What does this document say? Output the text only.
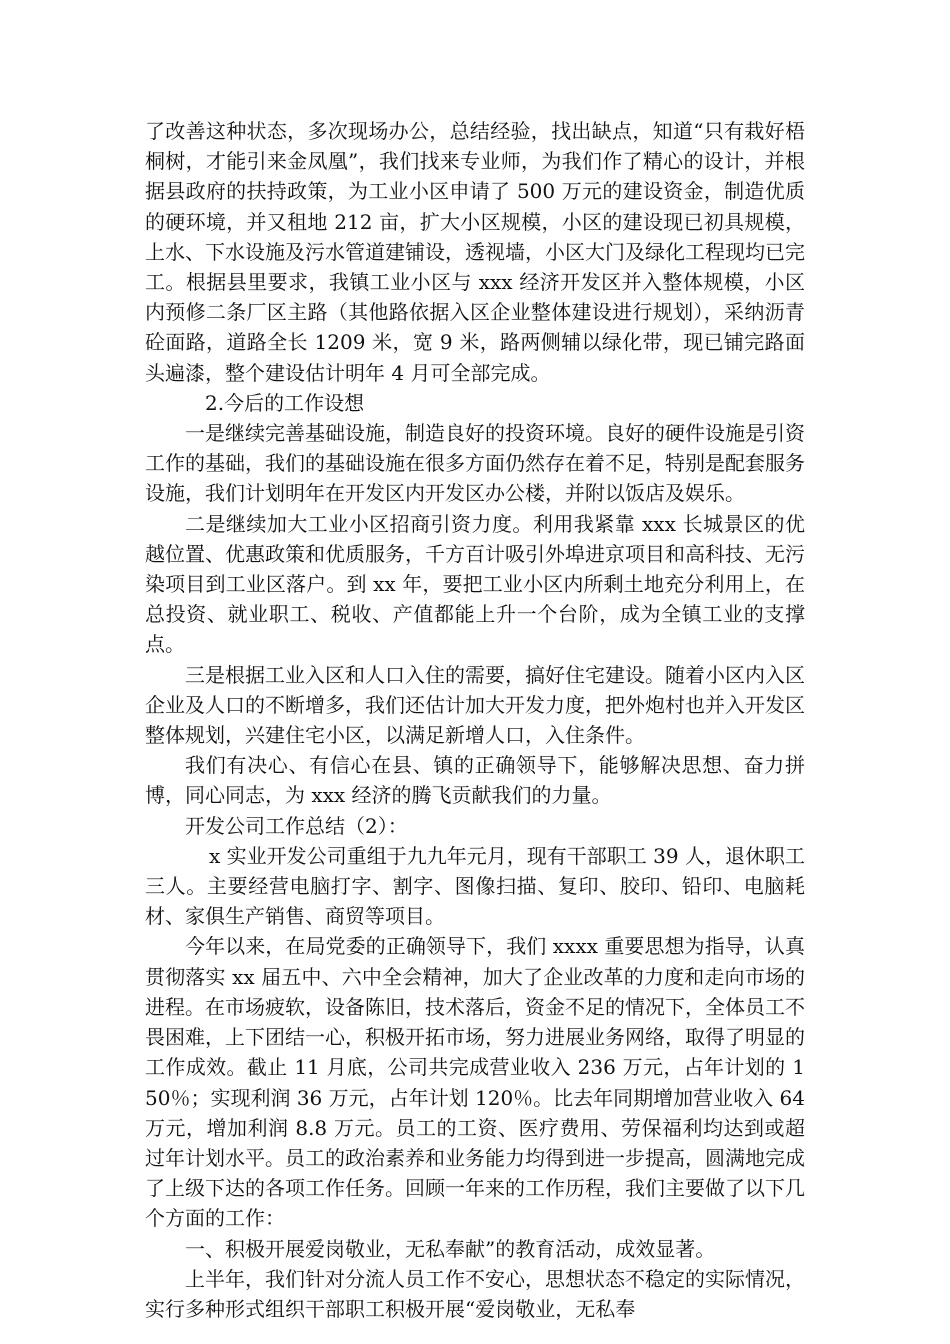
了改善这种状态，多次现场办公，总结经验，找出缺点，知道“只有栽好梧桐树，才能引来金凤凰”，我们找来专业师，为我们作了精心的设计，并根据县政府的扶持政策，为工业小区申请了 500 万元的建设资金，制造优质的硬环境，并又租地 212 亩，扩大小区规模，小区的建设现已初具规模，上水、下水设施及污水管道建铺设，透视墙，小区大门及绿化工程现均已完工。根据县里要求，我镇工业小区与 xxx 经济开发区并入整体规模，小区内预修二条厂区主路（其他路依据入区企业整体建设进行规划），采纳沥青砼面路，道路全长 1209 米，宽 9 米，路两侧辅以绿化带，现已铺完路面头遍漆，整个建设估计明年 4 月可全部完成。

2.今后的工作设想

一是继续完善基础设施，制造良好的投资环境。良好的硬件设施是引资工作的基础，我们的基础设施在很多方面仍然存在着不足，特别是配套服务设施，我们计划明年在开发区内开发区办公楼，并附以饭店及娱乐。

二是继续加大工业小区招商引资力度。利用我紧靠 xxx 长城景区的优越位置、优惠政策和优质服务，千方百计吸引外埠进京项目和高科技、无污染项目到工业区落户。到 xx 年，要把工业小区内所剩土地充分利用上，在总投资、就业职工、税收、产值都能上升一个台阶，成为全镇工业的支撑点。

三是根据工业入区和人口入住的需要，搞好住宅建设。随着小区内入区企业及人口的不断增多，我们还估计加大开发力度，把外炮村也并入开发区整体规划，兴建住宅小区，以满足新增人口，入住条件。

我们有决心、有信心在县、镇的正确领导下，能够解决思想、奋力拼博，同心同志，为 xxx 经济的腾飞贡献我们的力量。

开发公司工作总结（2）：

x 实业开发公司重组于九九年元月，现有干部职工 39 人，退休职工三人。主要经营电脑打字、割字、图像扫描、复印、胶印、铅印、电脑耗材、家俱生产销售、商贸等项目。

今年以来，在局党委的正确领导下，我们 xxxx 重要思想为指导，认真贯彻落实 xx 届五中、六中全会精神，加大了企业改革的力度和走向市场的进程。在市场疲软，设备陈旧，技术落后，资金不足的情况下，全体员工不畏困难，上下团结一心，积极开拓市场，努力进展业务网络，取得了明显的工作成效。截止 11 月底，公司共完成营业收入 236 万元，占年计划的 150％；实现利润 36 万元，占年计划 120％。比去年同期增加营业收入 64 万元，增加利润 8.8 万元。员工的工资、医疗费用、劳保福利均达到或超过年计划水平。员工的政治素养和业务能力均得到进一步提高，圆满地完成了上级下达的各项工作任务。回顾一年来的工作历程，我们主要做了以下几个方面的工作：

一、积极开展爱岗敬业，无私奉献”的教育活动，成效显著。

上半年，我们针对分流人员工作不安心，思想状态不稳定的实际情况，实行多种形式组织干部职工积极开展“爱岗敬业，无私奉
